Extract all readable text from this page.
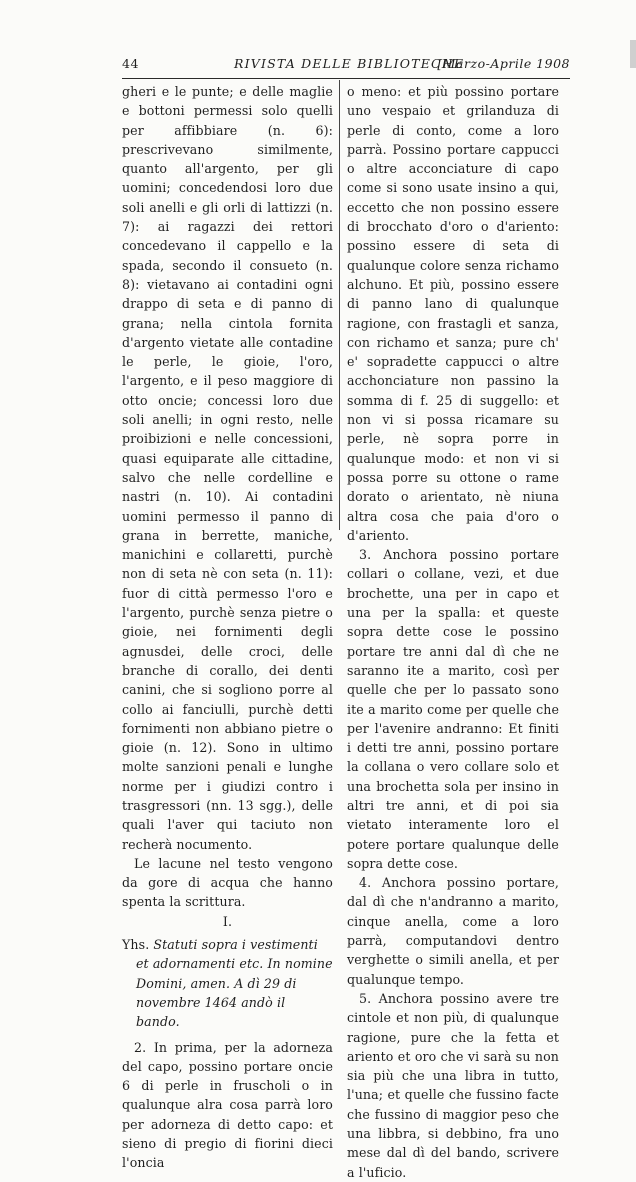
44	RIVISTA DELLE BIBLIOTECHE
[Marzo-Aprile 1908

gheri e le punte; e delle maglie e bottoni permessi solo quelli per affibbiare (n. 6): prescrivevano similmente, quanto all'argento, per gli uomini; concedendosi loro due soli anelli e gli orli di lattizzi (n. 7): ai ragazzi dei rettori concedevano il cappello e la spada, secondo il consueto (n. 8): vietavano ai contadini ogni drappo di seta e di panno di grana; nella cintola fornita d'argento vietate alle contadine le perle, le gioie, l'oro, l'argento, e il peso maggiore di otto oncie; concessi loro due soli anelli; in ogni resto, nelle proibizioni e nelle concessioni, quasi equiparate alle cittadine, salvo che nelle cordelline e nastri (n. 10). Ai contadini uomini permesso il panno di grana in berrette, maniche, manichini e collaretti, purchè non di seta nè con seta (n. 11): fuor di città permesso l'oro e l'argento, purchè senza pietre o gioie, nei fornimenti degli agnusdei, delle croci, delle branche di corallo, dei denti canini, che si sogliono porre al collo ai fanciulli, purchè detti fornimenti non abbiano pietre o gioie (n. 12). Sono in ultimo molte sanzioni penali e lunghe norme per i giudizi contro i trasgressori (nn. 13 sgg.), delle quali l'aver qui taciuto non recherà nocumento.

Le lacune nel testo vengono da gore di acqua che hanno spenta la scrittura.

I.

Yhs. Statuti sopra i vestimenti et adornamenti etc. In nomine Domini, amen. A dì 29 di novembre 1464 andò il bando.

2. In prima, per la adorneza del capo, possino portare oncie 6 di perle in fruscholi o in qualunque alra cosa parrà loro per adorneza di detto capo: et sieno di pregio di fiorini dieci l'oncia

o meno: et più possino portare uno vespaio et grilanduza di perle di conto, come a loro parrà. Possino portare cappucci o altre acconciature di capo come si sono usate insino a qui, eccetto che non possino essere di brocchato d'oro o d'ariento: possino essere di seta di qualunque colore senza richamo alchuno. Et più, possino essere di panno lano di qualunque ragione, con frastagli et sanza, con richamo et sanza; pure ch' e' sopradette cappucci o altre acchonciature non passino la somma di f. 25 di suggello: et non vi si possa ricamare su perle, nè sopra porre in qualunque modo: et non vi si possa porre su ottone o rame dorato o arientato, nè niuna altra cosa che paia d'oro o d'ariento.

3. Anchora possino portare collari o collane, vezi, et due brochette, una per in capo et una per la spalla: et queste sopra dette cose le possino portare tre anni dal dì che ne saranno ite a marito, così per quelle che per lo passato sono ite a marito come per quelle che per l'avenire andranno: Et finiti i detti tre anni, possino portare la collana o vero collare solo et una brochetta sola per insino in altri tre anni, et di poi sia vietato interamente loro el potere portare qualunque delle sopra dette cose.

4. Anchora possino portare, dal dì che n'andranno a marito, cinque anella, come a loro parrà, computandovi dentro verghette o simili anella, et per qualunque tempo.

5. Anchora possino avere tre cintole et non più, di qualunque ragione, pure che la fetta et ariento et oro che vi sarà su non sia più che una libra in tutto, l'una; et quelle che fussino facte che fussino di maggior peso che una libbra, si debbino, fra uno mese dal dì del bando, scrivere a l'uficio.
